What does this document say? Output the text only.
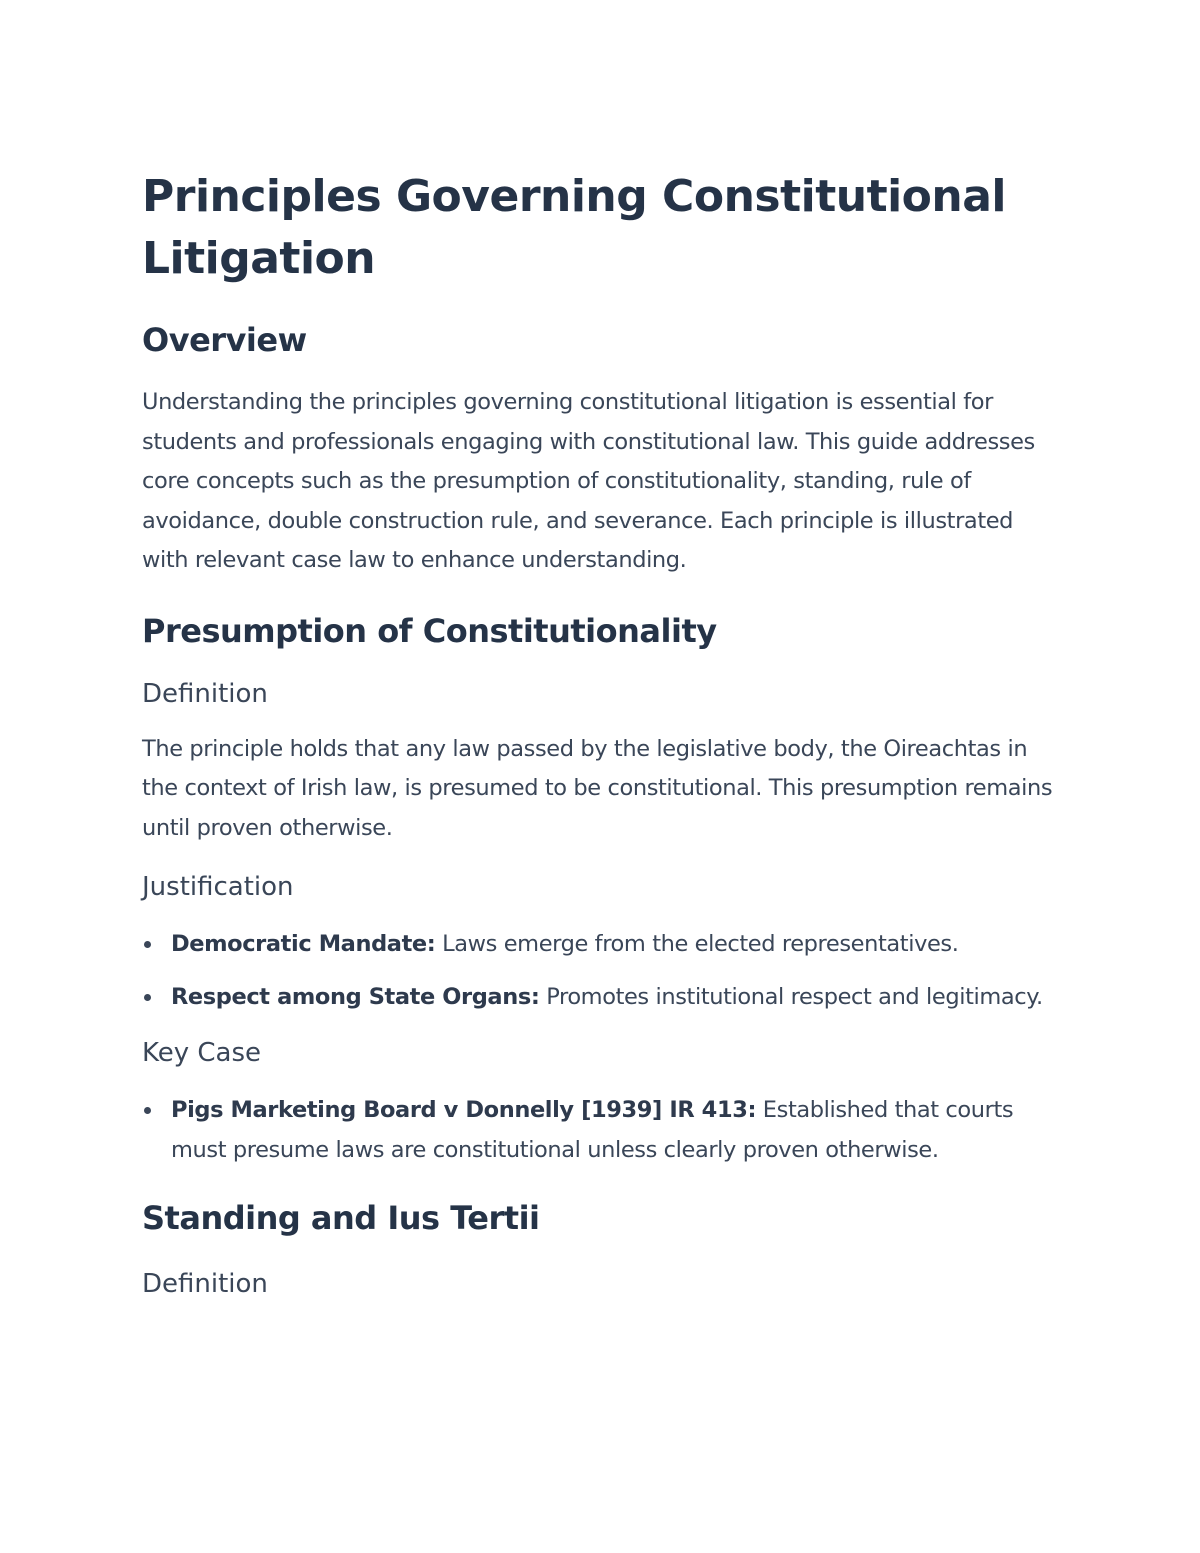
Principles Governing Constitutional Litigation
Overview

Understanding the principles governing constitutional litigation is essential for students and professionals engaging with constitutional law. This guide addresses core concepts such as the presumption of constitutionality, standing, rule of avoidance, double construction rule, and severance. Each principle is illustrated with relevant case law to enhance understanding.

Presumption of Constitutionality
Definition

The principle holds that any law passed by the legislative body, the Oireachtas in the context of Irish law, is presumed to be constitutional. This presumption remains until proven otherwise.

Justification
Democratic Mandate: Laws emerge from the elected representatives.
Respect among State Organs: Promotes institutional respect and legitimacy.
Key Case
Pigs Marketing Board v Donnelly [1939] IR 413: Established that courts must presume laws are constitutional unless clearly proven otherwise.
Standing and Ius Tertii
Definition
